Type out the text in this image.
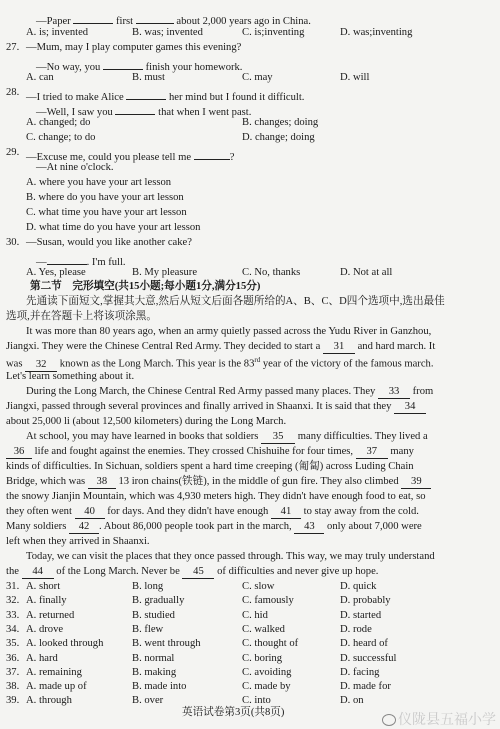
—Paper	first	about 2,000 years ago in China.
A. is; invented	B. was; invented	C. is;inventing	D. was;inventing
27. —Mum, may I play computer games this evening?
—No way, you	finish your homework.
A. can	B. must	C. may	D. will
28. —I tried to make Alice	her mind but I found it difficult.
—Well, I saw you	that when I went past.
A. changed; do	B. changes; doing
C. change; to do	D. change; doing
29. —Excuse me, could you please tell me	?
—At nine o'clock.
A. where you have your art lesson
B. where do you have your art lesson
C. what time you have your art lesson
D. what time do you have your art lesson
30. —Susan, would you like another cake?
—	. I'm full.
A. Yes, please	B. My pleasure	C. No, thanks	D. Not at all
第二节　完形填空(共15小题;每小题1分,满分15分)
先通读下面短文,掌握其大意,然后从短文后面各题所给的A、B、C、D四个选项中,选出最佳
选项,并在答题卡上将该项涂黑。
It was more than 80 years ago, when an army quietly passed across the Yudu River in Ganzhou,
Jiangxi. They were the Chinese Central Red Army. They decided to start a 31 and hard march. It
was 32 known as the Long March. This year is the 83rd year of the victory of the famous march.
Let's learn something about it.
During the Long March, the Chinese Central Red Army passed many places. They 33 from
Jiangxi, passed through several provinces and finally arrived in Shaanxi. It is said that they 34
about 25,000 li (about 12,500 kilometers) during the Long March.
At school, you may have learned in books that soldiers 35 many difficulties. They lived a
36 life and fought against the enemies. They crossed Chishuihe for four times, 37 many
kinds of difficulties. In Sichuan, soldiers spent a hard time creeping (匍匐) across Luding Chain
Bridge, which was 38 13 iron chains(铁链), in the middle of gun fire. They also climbed 39
the snowy Jianjin Mountain, which was 4,930 meters high. They didn't have enough food to eat, so
they often went 40 for days. And they didn't have enough 41 to stay away from the cold.
Many soldiers 42 . About 86,000 people took part in the march, 43 only about 7,000 were
left when they arrived in Shaanxi.
Today, we can visit the places that they once passed through. This way, we may truly understand
the 44 of the Long March. Never be 45 of difficulties and never give up hope.
31. A. short	B. long	C. slow	D. quick
32. A. finally	B. gradually	C. famously	D. probably
33. A. returned	B. studied	C. hid	D. started
34. A. drove	B. flew	C. walked	D. rode
35. A. looked through	B. went through	C. thought of	D. heard of
36. A. hard	B. normal	C. boring	D. successful
37. A. remaining	B. making	C. avoiding	D. facing
38. A. made up of	B. made into	C. made by	D. made for
39. A. through	B. over	C. into	D. on
英语试卷第3页(共8页)	仪陇县五福小学
